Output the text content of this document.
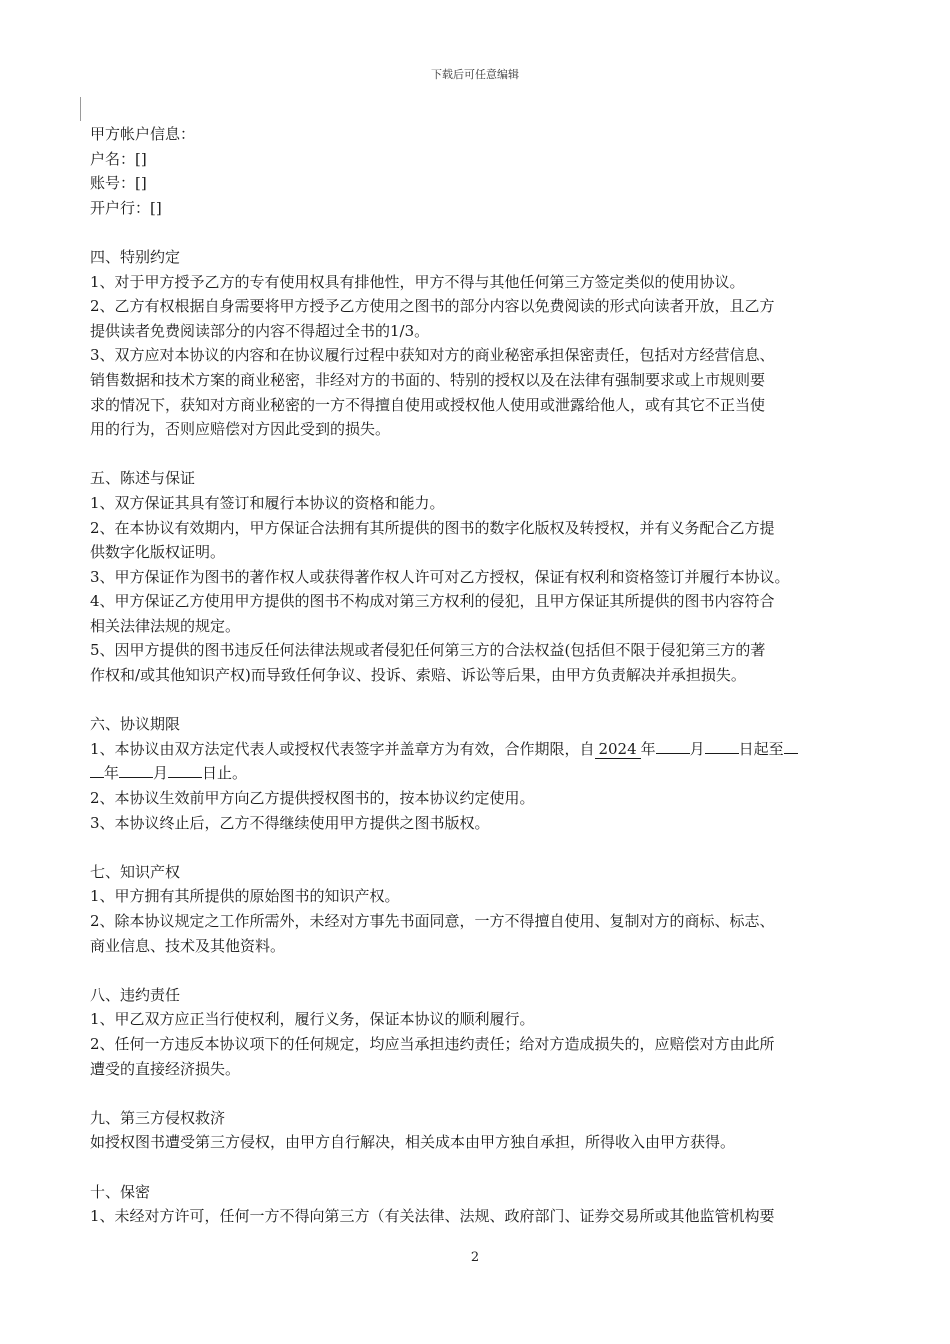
下载后可任意编辑
甲方帐户信息：
户名：[]
账号：[]
开户行：[]
四、特别约定
1、对于甲方授予乙方的专有使用权具有排他性，甲方不得与其他任何第三方签定类似的使用协议。
2、乙方有权根据自身需要将甲方授予乙方使用之图书的部分内容以免费阅读的形式向读者开放，且乙方
提供读者免费阅读部分的内容不得超过全书的1/3。
3、双方应对本协议的内容和在协议履行过程中获知对方的商业秘密承担保密责任，包括对方经营信息、
销售数据和技术方案的商业秘密，非经对方的书面的、特别的授权以及在法律有强制要求或上市规则要
求的情况下，获知对方商业秘密的一方不得擅自使用或授权他人使用或泄露给他人，或有其它不正当使
用的行为，否则应赔偿对方因此受到的损失。
五、陈述与保证
1、双方保证其具有签订和履行本协议的资格和能力。
2、在本协议有效期内，甲方保证合法拥有其所提供的图书的数字化版权及转授权，并有义务配合乙方提
供数字化版权证明。
3、甲方保证作为图书的著作权人或获得著作权人许可对乙方授权，保证有权利和资格签订并履行本协议。
4、甲方保证乙方使用甲方提供的图书不构成对第三方权利的侵犯，且甲方保证其所提供的图书内容符合
相关法律法规的规定。
5、因甲方提供的图书违反任何法律法规或者侵犯任何第三方的合法权益(包括但不限于侵犯第三方的著
作权和/或其他知识产权)而导致任何争议、投诉、索赔、诉讼等后果，由甲方负责解决并承担损失。
六、协议期限
1、本协议由双方法定代表人或授权代表签字并盖章方为有效，合作期限，自 2024 年 月 日起至
年 月 日止。
2、本协议生效前甲方向乙方提供授权图书的，按本协议约定使用。
3、本协议终止后，乙方不得继续使用甲方提供之图书版权。
七、知识产权
1、甲方拥有其所提供的原始图书的知识产权。
2、除本协议规定之工作所需外，未经对方事先书面同意，一方不得擅自使用、复制对方的商标、标志、
商业信息、技术及其他资料。
八、违约责任
1、甲乙双方应正当行使权利，履行义务，保证本协议的顺利履行。
2、任何一方违反本协议项下的任何规定，均应当承担违约责任；给对方造成损失的，应赔偿对方由此所
遭受的直接经济损失。
九、第三方侵权救济
如授权图书遭受第三方侵权，由甲方自行解决，相关成本由甲方独自承担，所得收入由甲方获得。
十、保密
1、未经对方许可，任何一方不得向第三方（有关法律、法规、政府部门、证券交易所或其他监管机构要
2
